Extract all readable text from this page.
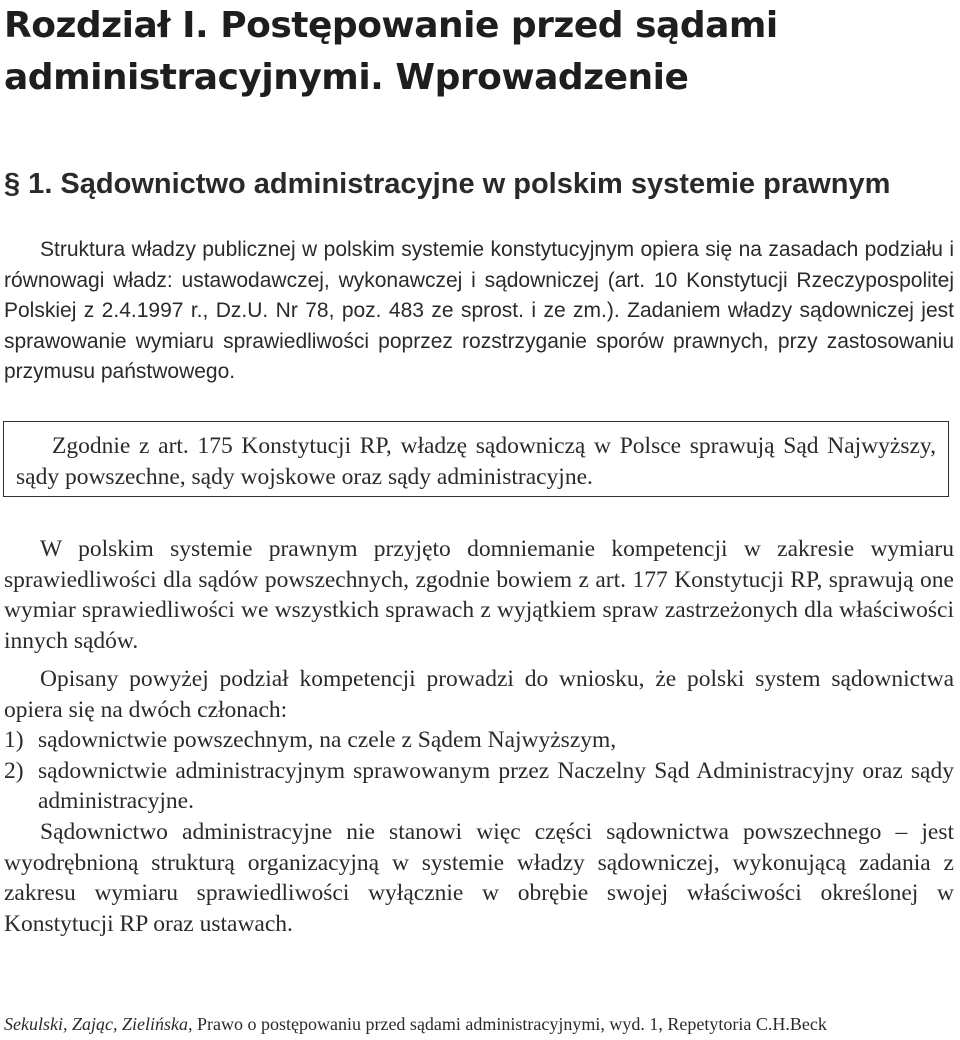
Rozdział I. Postępowanie przed sądami
administracyjnymi. Wprowadzenie
§ 1. Sądownictwo administracyjne w polskim systemie prawnym

Struktura władzy publicznej w polskim systemie konstytucyjnym opiera się na zasadach podziału i równowagi władz: ustawodawczej, wykonawczej i sądowniczej (art. 10 Konstytucji Rzeczypospolitej Polskiej z 2.4.1997 r., Dz.U. Nr 78, poz. 483 ze sprost. i ze zm.). Zadaniem władzy sądowniczej jest sprawowanie wymiaru sprawiedliwości poprzez rozstrzyganie sporów prawnych, przy zastosowaniu przymusu państwowego.

Zgodnie z art. 175 Konstytucji RP, władzę sądowniczą w Polsce sprawują Sąd Najwyższy, sądy powszechne, sądy wojskowe oraz sądy administracyjne.

W polskim systemie prawnym przyjęto domniemanie kompetencji w zakresie wymiaru sprawiedliwości dla sądów powszechnych, zgodnie bowiem z art. 177 Konstytucji RP, sprawują one wymiar sprawiedliwości we wszystkich sprawach z wyjątkiem spraw zastrzeżonych dla właściwości innych sądów.

Opisany powyżej podział kompetencji prowadzi do wniosku, że polski system sądownictwa opiera się na dwóch członach:

1) sądownictwie powszechnym, na czele z Sądem Najwyższym,
2) sądownictwie administracyjnym sprawowanym przez Naczelny Sąd Administracyjny oraz sądy administracyjne.

Sądownictwo administracyjne nie stanowi więc części sądownictwa powszechnego – jest wyodrębnioną strukturą organizacyjną w systemie władzy sądowniczej, wykonującą zadania z zakresu wymiaru sprawiedliwości wyłącznie w obrębie swojej właściwości określonej w Konstytucji RP oraz ustawach.

Sekulski, Zając, Zielińska, Prawo o postępowaniu przed sądami administracyjnymi, wyd. 1, Repetytoria C.H.Beck
